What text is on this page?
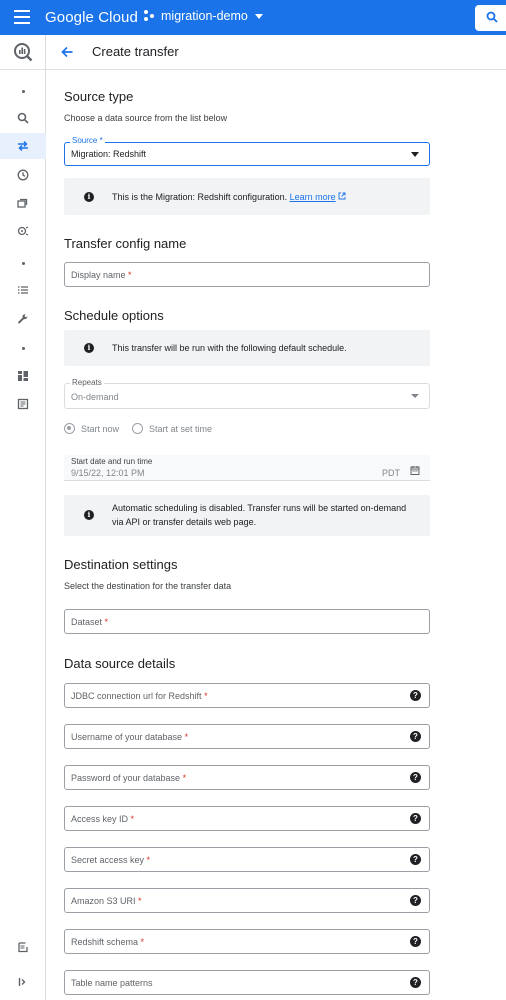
Google Cloud migration-demo
Create transfer
Source type
Choose a data source from the list below
Source *
Migration: Redshift
i	This is the Migration: Redshift configuration. Learn more
Transfer config name
Display name *
Schedule options
i	This transfer will be run with the following default schedule.
Repeats
On-demand
Start now	Start at set time
Start date and run time
9/15/22, 12:01 PM	PDT
i
Automatic scheduling is disabled. Transfer runs will be started on-demand
via API or transfer details web page.
Destination settings
Select the destination for the transfer data
Dataset *
Data source details
JDBC connection url for Redshift *	?
Username of your database *	?
Password of your database *	?
Access key ID *	?
Secret access key *	?
Amazon S3 URI *	?
Redshift schema *	?
Table name patterns	?
